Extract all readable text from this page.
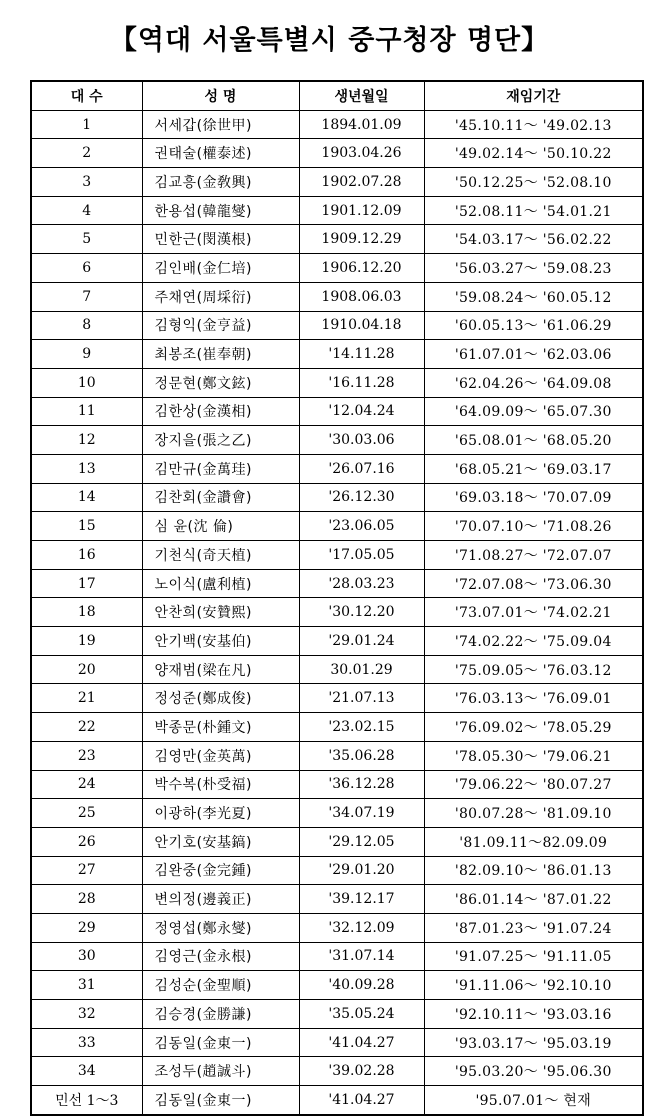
【역대 서울특별시 중구청장 명단】
대 수	성 명	생년월일	재임기간
1	서세갑(徐世甲)	1894.01.09	'45.10.11～ '49.02.13
2	권태술(權泰述)	1903.04.26	'49.02.14～ '50.10.22
3	김교흥(金敎興)	1902.07.28	'50.12.25～ '52.08.10
4	한용섭(韓龍燮)	1901.12.09	'52.08.11～ '54.01.21
5	민한근(閔漢根)	1909.12.29	'54.03.17～ '56.02.22
6	김인배(金仁培)	1906.12.20	'56.03.27～ '59.08.23
7	주채연(周埰衍)	1908.06.03	'59.08.24～ '60.05.12
8	김형익(金亨益)	1910.04.18	'60.05.13～ '61.06.29
9	최봉조(崔奉朝)	'14.11.28	'61.07.01～ '62.03.06
10	정문현(鄭文鉉)	'16.11.28	'62.04.26～ '64.09.08
11	김한상(金漢相)	'12.04.24	'64.09.09～ '65.07.30
12	장지을(張之乙)	'30.03.06	'65.08.01～ '68.05.20
13	김만규(金萬珪)	'26.07.16	'68.05.21～ '69.03.17
14	김찬회(金讚會)	'26.12.30	'69.03.18～ '70.07.09
15	심 윤(沈 倫)	'23.06.05	'70.07.10～ '71.08.26
16	기천식(奇天植)	'17.05.05	'71.08.27～ '72.07.07
17	노이식(盧利植)	'28.03.23	'72.07.08～ '73.06.30
18	안찬희(安贊熙)	'30.12.20	'73.07.01～ '74.02.21
19	안기백(安基伯)	'29.01.24	'74.02.22～ '75.09.04
20	양재범(梁在凡)	30.01.29	'75.09.05～ '76.03.12
21	정성준(鄭成俊)	'21.07.13	'76.03.13～ '76.09.01
22	박종문(朴鍾文)	'23.02.15	'76.09.02～ '78.05.29
23	김영만(金英萬)	'35.06.28	'78.05.30～ '79.06.21
24	박수복(朴受福)	'36.12.28	'79.06.22～ '80.07.27
25	이광하(李光夏)	'34.07.19	'80.07.28～ '81.09.10
26	안기호(安基鎬)	'29.12.05	'81.09.11～82.09.09
27	김완중(金完鍾)	'29.01.20	'82.09.10～ '86.01.13
28	변의정(邊義正)	'39.12.17	'86.01.14～ '87.01.22
29	정영섭(鄭永燮)	'32.12.09	'87.01.23～ '91.07.24
30	김영근(金永根)	'31.07.14	'91.07.25～ '91.11.05
31	김성순(金聖順)	'40.09.28	'91.11.06～ '92.10.10
32	김승경(金勝謙)	'35.05.24	'92.10.11～ '93.03.16
33	김동일(金東一)	'41.04.27	'93.03.17～ '95.03.19
34	조성두(趙誠斗)	'39.02.28	'95.03.20～ '95.06.30
민선 1～3	김동일(金東一)	'41.04.27	'95.07.01～ 현재
